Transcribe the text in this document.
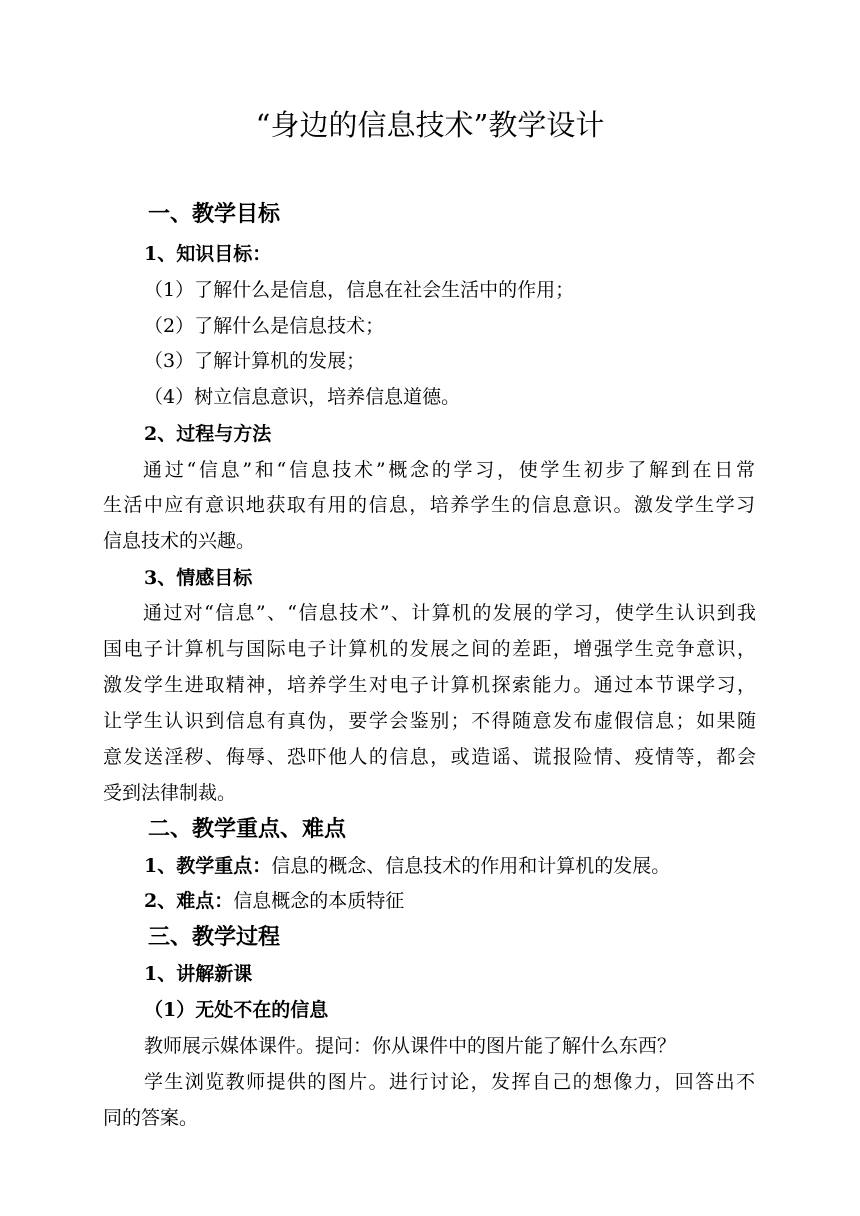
“身边的信息技术”教学设计
一、教学目标
1、知识目标：
（1）了解什么是信息，信息在社会生活中的作用；
（2）了解什么是信息技术；
（3）了解计算机的发展；
（4）树立信息意识，培养信息道德。
2、过程与方法
通过“信息”和“信息技术”概念的学习，使学生初步了解到在日常
生活中应有意识地获取有用的信息，培养学生的信息意识。激发学生学习
信息技术的兴趣。
3、情感目标
通过对“信息”、“信息技术”、计算机的发展的学习，使学生认识到我
国电子计算机与国际电子计算机的发展之间的差距，增强学生竞争意识，
激发学生进取精神，培养学生对电子计算机探索能力。通过本节课学习，
让学生认识到信息有真伪，要学会鉴别；不得随意发布虚假信息；如果随
意发送淫秽、侮辱、恐吓他人的信息，或造谣、谎报险情、疫情等，都会
受到法律制裁。
二、教学重点、难点
1、教学重点：信息的概念、信息技术的作用和计算机的发展。
2、难点：信息概念的本质特征
三、教学过程
1、讲解新课
（1）无处不在的信息
教师展示媒体课件。提问：你从课件中的图片能了解什么东西？
学生浏览教师提供的图片。进行讨论，发挥自己的想像力，回答出不
同的答案。
